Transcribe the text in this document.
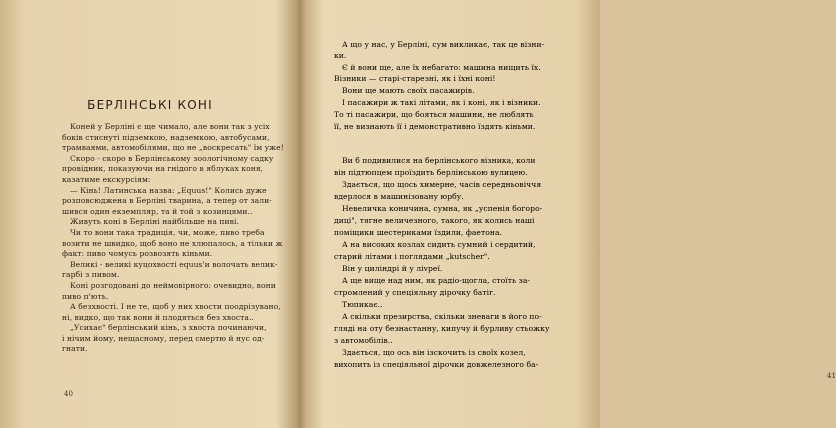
БЕРЛІНСЬКІ КОНІ
Коней у Берліні є ще чимало, але вони так з усіх
боків стиснуті підземкою, надземкою, автобусами,
трамваями, автомобілями, що не „воскресать" їм уже!
Скоро - скоро в Берлінському зоологічному садку
провідник, показуючи на гнідого в яблуках коня,
казатиме екскурсіям:
— Кінь! Латинська назва: „Equus!" Колись дуже
розповсюджена в Берліні тварина, а тепер от зали-
шився один екземпляр, та й той з козинцями..
Живуть коні в Берліні найбільше на пиві.
Чи то вони така традиція, чи, може, пиво треба
возити не швидко, щоб воно не хлюпалось, а тільки ж
факт: пиво чомусь розвозять кіньми.
Великі - великі куцохвості equus'и волочать велик-
гарбі з пивом.
Коні розгодовані до неймовірного: очевидно, вони
пиво п'ють.
А безхвості. І не те, щоб у них хвости поодрізувано,
ні, видко, що так вони й плодяться без хвоста..
„Усихає" берлінський кінь, з хвоста починаючи,
і нічим йому, нещасному, перед смертю й нус од-
гнати.
40
41
А що у нас, у Берліні, сум викликає, так це візни-
ки.
Є й вони ще, але їх небагато: машина нищить їх.
Візники — старі-старезні, як і їхні коні!
Вони ще мають своїх пасажирів.
І пасажири ж такі літами, як і коні, як і візники.
То ті пасажири, що бояться машини, не люблять
її, не визнають її і демонстративно їздять кіньми.
Ви б подивилися на берлінського візника, коли
він підтюпцем проїздить берлінською вулицею.
Здається, що щось химерне, часів середньовіччя
вдерлося в машинізовану юрбу.
Невеличка коничина, сумна, як „успенія богоро-
диці", тягне величезного, такого, як колись наші
поміщики шестериками їздили, фаетона.
А на високих козлах сидить сумний і сердитий,
старий літами і поглядами „kutscher".
Він у циліндрі й у ліvреї.
А ще вище над ним, як радіо-щогла, стоїть за-
стромлений у спеціяльну дірочку батіг.
Тюпикає..
А скільки презирства, скільки зневаги в його по-
гляді на оту безнастанну, кипучу й бурливу стьожку
з автомобілів..
Здається, що ось він ізскочить із своїх козел,
вихопить із спеціяльної дірочки довжелезного ба-
